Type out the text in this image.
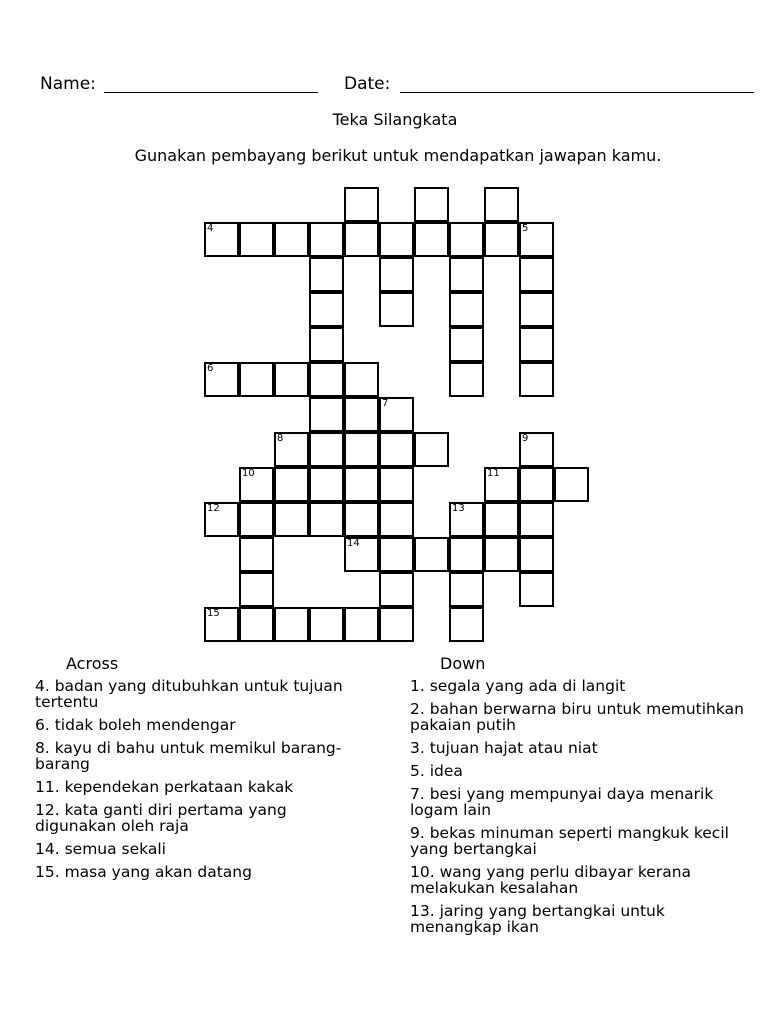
Name:	Date:
Teka Silangkata
Gunakan pembayang berikut untuk mendapatkan jawapan kamu.
4	5
6
7
8	9
10	11
12	13
14
15
Across	Down
4. badan yang ditubuhkan untuk tujuan tertentu
6. tidak boleh mendengar
8. kayu di bahu untuk memikul barang-barang
11. kependekan perkataan kakak
12. kata ganti diri pertama yang digunakan oleh raja
14. semua sekali
15. masa yang akan datang
1. segala yang ada di langit
2. bahan berwarna biru untuk memutihkan pakaian putih
3. tujuan hajat atau niat
5. idea
7. besi yang mempunyai daya menarik logam lain
9. bekas minuman seperti mangkuk kecil yang bertangkai
10. wang yang perlu dibayar kerana melakukan kesalahan
13. jaring yang bertangkai untuk menangkap ikan
